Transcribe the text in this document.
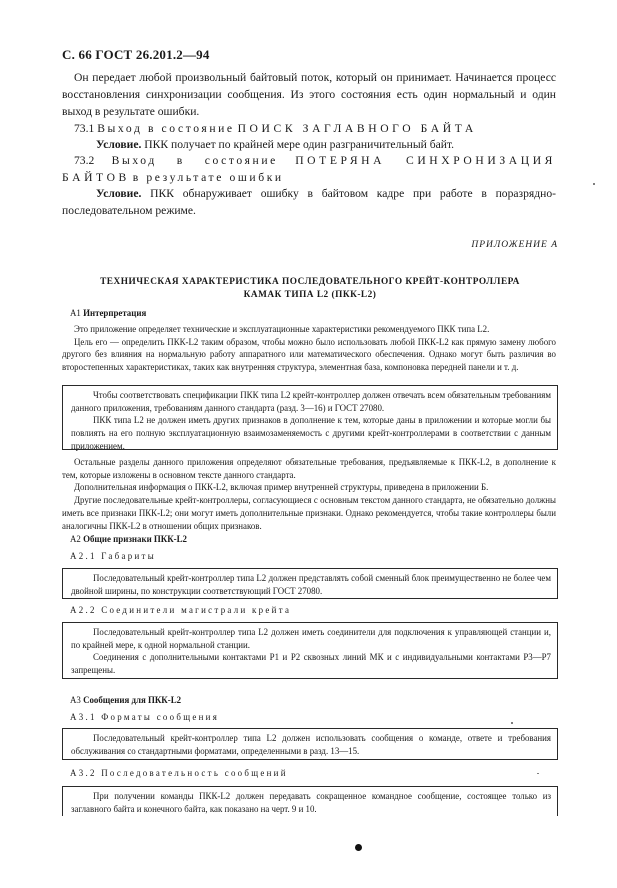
С. 66 ГОСТ 26.201.2—94

Он передает любой произвольный байтовый поток, который он принимает. Начинается процесс восстановления синхронизации сообщения. Из этого состояния есть один нормальный и один выход в результате ошибки.

73.1 Выход в состояние ПОИСК ЗАГЛАВНОГО БАЙТА
Условие. ПКК получает по крайней мере один разграничительный байт.
73.2 Выход в состояние ПОТЕРЯНА СИНХРОНИЗАЦИЯ БАЙТОВ в результате ошибки
Условие. ПКК обнаруживает ошибку в байтовом кадре при работе в поразрядно-последовательном режиме.
ПРИЛОЖЕНИЕ А
ТЕХНИЧЕСКАЯ ХАРАКТЕРИСТИКА ПОСЛЕДОВАТЕЛЬНОГО КРЕЙТ-КОНТРОЛЛЕРА
КАМАК ТИПА L2 (ПКК-L2)
А1 Интерпретация

Это приложение определяет технические и эксплуатационные характеристики рекомендуемого ПКК типа L2.

Цель его — определить ПКК-L2 таким образом, чтобы можно было использовать любой ПКК-L2 как прямую замену любого другого без влияния на нормальную работу аппаратного или математического обеспечения. Однако могут быть различия во второстепенных характеристиках, таких как внутренняя структура, элементная база, компоновка передней панели и т. д.

Чтобы соответствовать спецификации ПКК типа L2 крейт-контроллер должен отвечать всем обязательным требованиям данного приложения, требованиям данного стандарта (разд. 3—16) и ГОСТ 27080.

ПКК типа L2 не должен иметь других признаков в дополнение к тем, которые даны в приложении и которые могли бы повлиять на его полную эксплуатационную взаимозаменяемость с другими крейт-контроллерами в соответствии с данным приложением.

Остальные разделы данного приложения определяют обязательные требования, предъявляемые к ПКК-L2, в дополнение к тем, которые изложены в основном тексте данного стандарта.

Дополнительная информация о ПКК-L2, включая пример внутренней структуры, приведена в приложении Б.

Другие последовательные крейт-контроллеры, согласующиеся с основным текстом данного стандарта, не обязательно должны иметь все признаки ПКК-L2; они могут иметь дополнительные признаки. Однако рекомендуется, чтобы такие контроллеры были аналогичны ПКК-L2 в отношении общих признаков.

А2 Общие признаки ПКК-L2
А2.1 Габариты

Последовательный крейт-контроллер типа L2 должен представлять собой сменный блок преимущественно не более чем двойной ширины, по конструкции соответствующий ГОСТ 27080.

А2.2 Соединители магистрали крейта

Последовательный крейт-контроллер типа L2 должен иметь соединители для подключения к управляющей станции и, по крайней мере, к одной нормальной станции.

Соединения с дополнительными контактами Р1 и Р2 сквозных линий МК и с индивидуальными контактами Р3—Р7 запрещены.

А3 Сообщения для ПКК-L2
А3.1 Форматы сообщения

Последовательный крейт-контроллер типа L2 должен использовать сообщения о команде, ответе и требования обслуживания со стандартными форматами, определенными в разд. 13—15.

А3.2 Последовательность сообщений

При получении команды ПКК-L2 должен передавать сокращенное командное сообщение, состоящее только из заглавного байта и конечного байта, как показано на черт. 9 и 10.
